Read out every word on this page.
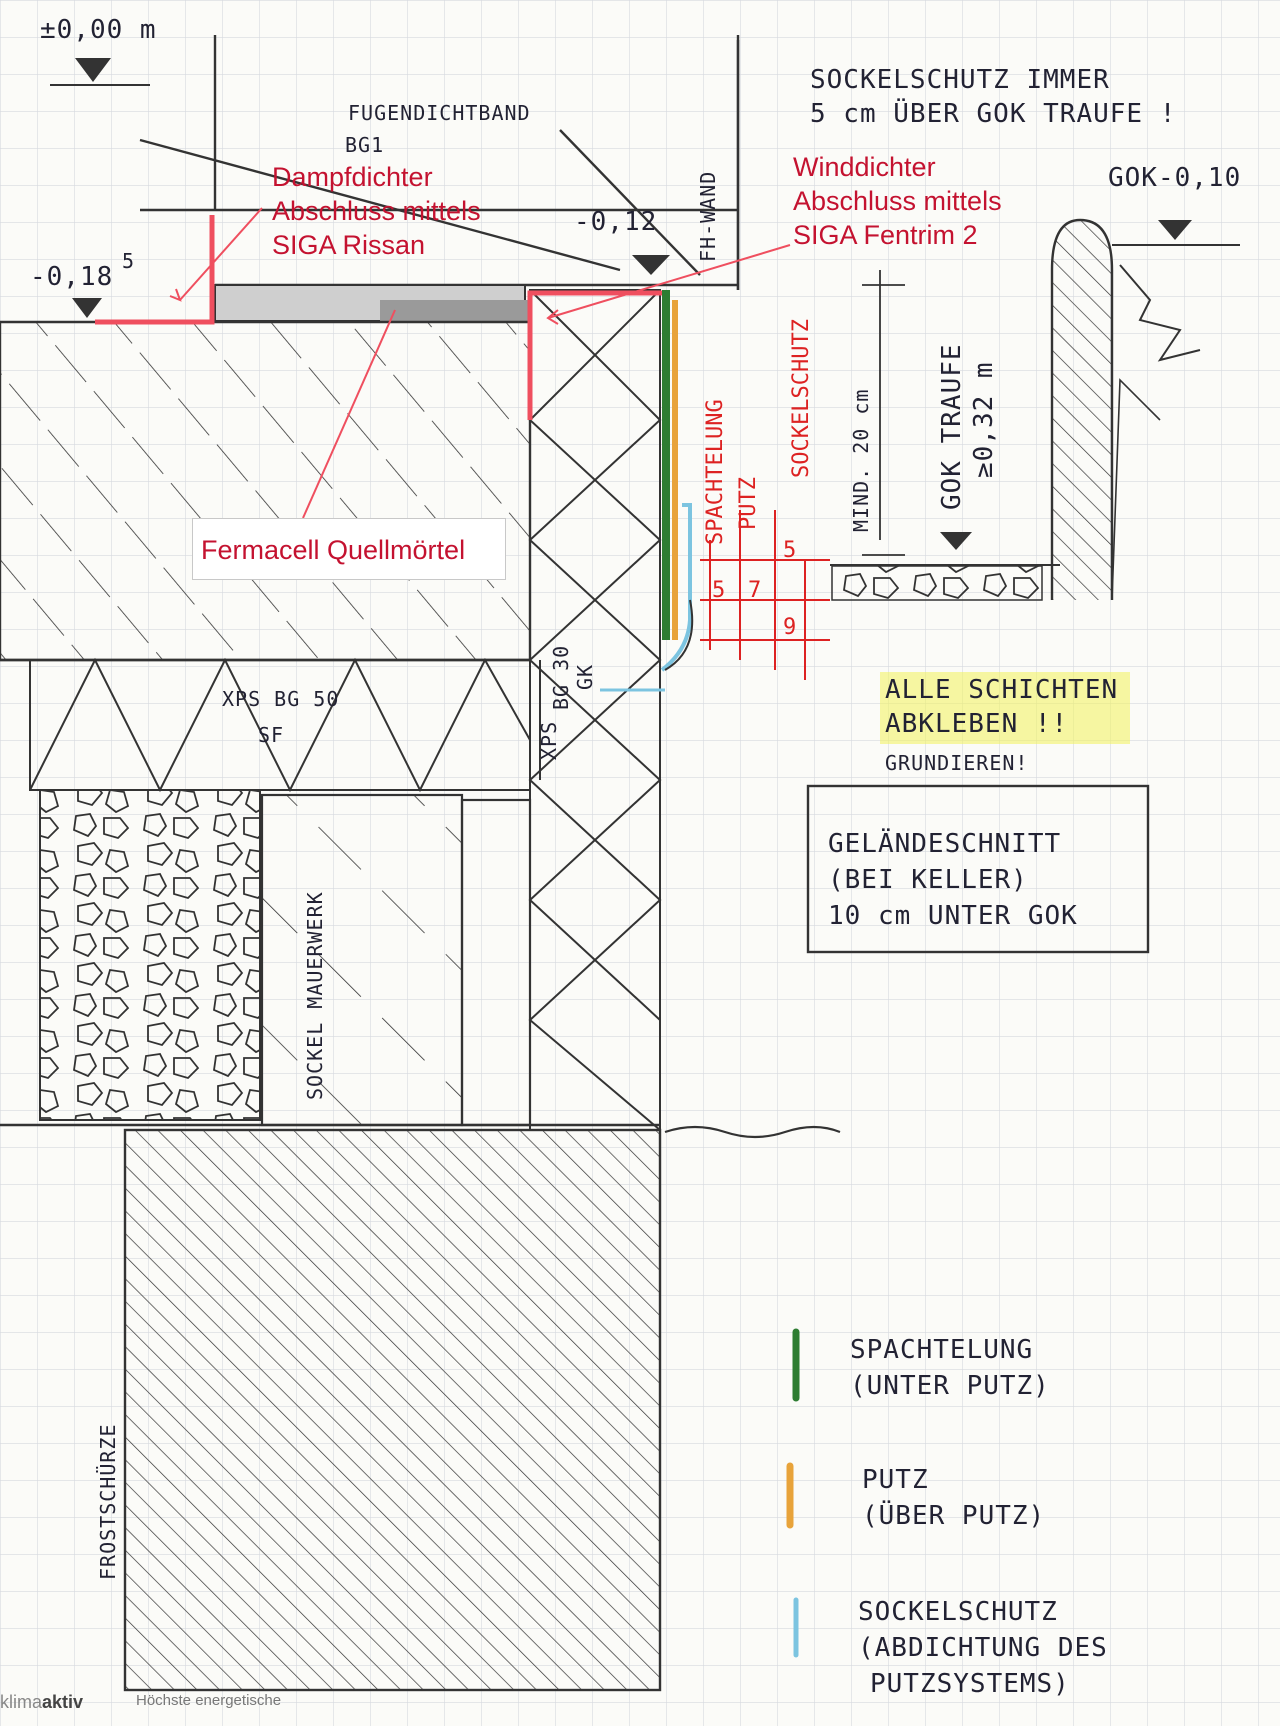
±0,00 m
FUGENDICHTBAND
BG1
-0,18
5
-0,12 FH-WAND	GOK-0,10
SOCKELSCHUTZ IMMER
5 cm ÜBER GOK TRAUFE !
SPACHTELUNG PUTZ
SOCKELSCHUTZ MIND. 20 cm GOK TRAUFE ≥0,32 m
5 7
5
9
XPS BG 50
SF	XPS
BG 30 GK
SOCKEL MAUERWERK
FROSTSCHÜRZE
ALLE SCHICHTEN
ABKLEBEN !!
GRUNDIEREN!
GELÄNDESCHNITT
(BEI KELLER)
10 cm UNTER GOK
SPACHTELUNG
(UNTER PUTZ)
PUTZ
(ÜBER PUTZ)
SOCKELSCHUTZ
(ABDICHTUNG DES
PUTZSYSTEMS)
Dampfdichter
Abschluss mittels
SIGA Rissan
Winddichter
Abschluss mittels
SIGA Fentrim 2
Fermacell Quellmörtel
klimaaktiv	Höchste energetische
